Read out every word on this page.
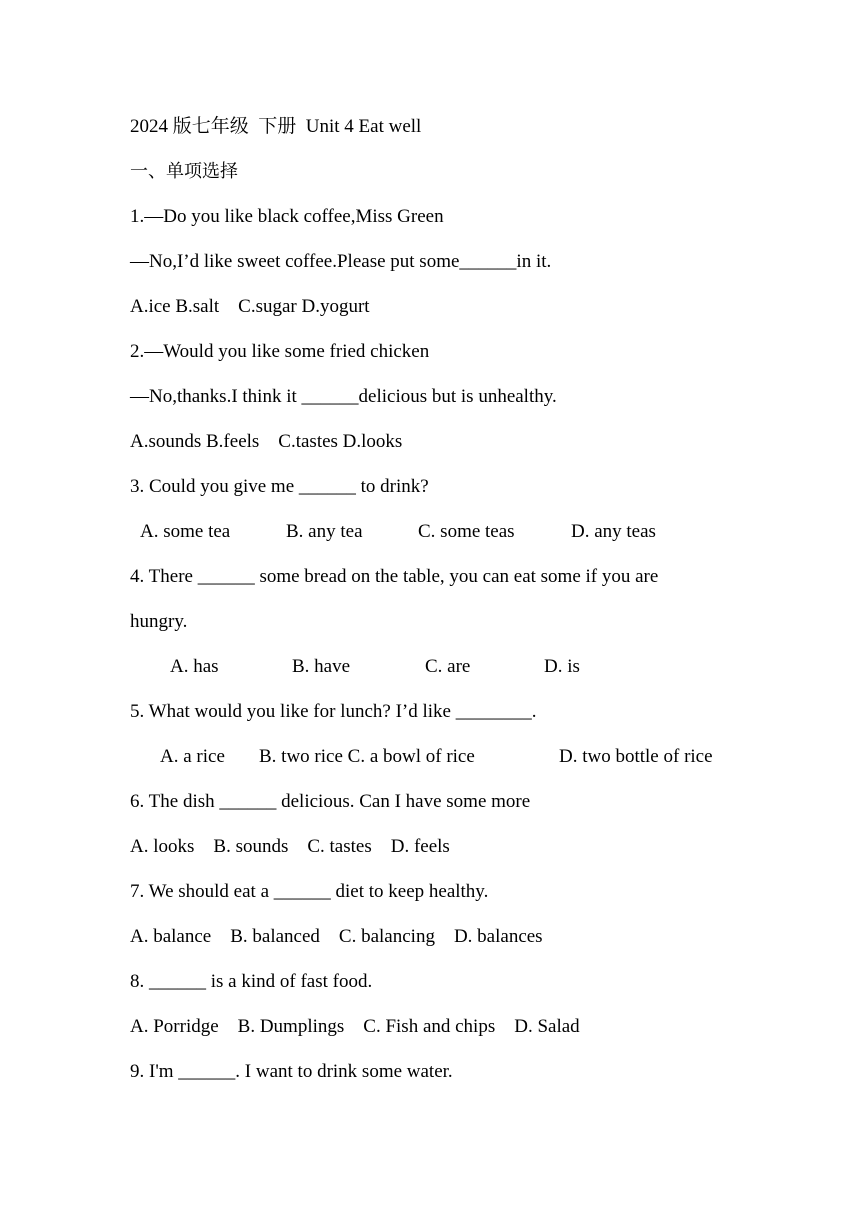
2024 版七年级  下册  Unit 4 Eat well
一、单项选择
1.—Do you like black coffee,Miss Green
—No,I’d like sweet coffee.Please put some______in it.
A.ice B.salt    C.sugar D.yogurt
2.—Would you like some fried chicken
—No,thanks.I think it ______delicious but is unhealthy.
A.sounds B.feels    C.tastes D.looks
3. Could you give me ______ to drink?
A. some tea	B. any tea	C. some teas	D. any teas
4. There ______ some bread on the table, you can eat some if you are
hungry.
A. has	B. have	C. are	D. is
5. What would you like for lunch? I’d like ________.
A. a rice B. two rice C. a bowl of rice	D. two bottle of rice
6. The dish ______ delicious. Can I have some more
A. looks    B. sounds    C. tastes    D. feels
7. We should eat a ______ diet to keep healthy.
A. balance    B. balanced    C. balancing    D. balances
8. ______ is a kind of fast food.
A. Porridge    B. Dumplings    C. Fish and chips    D. Salad
9. I'm ______. I want to drink some water.
